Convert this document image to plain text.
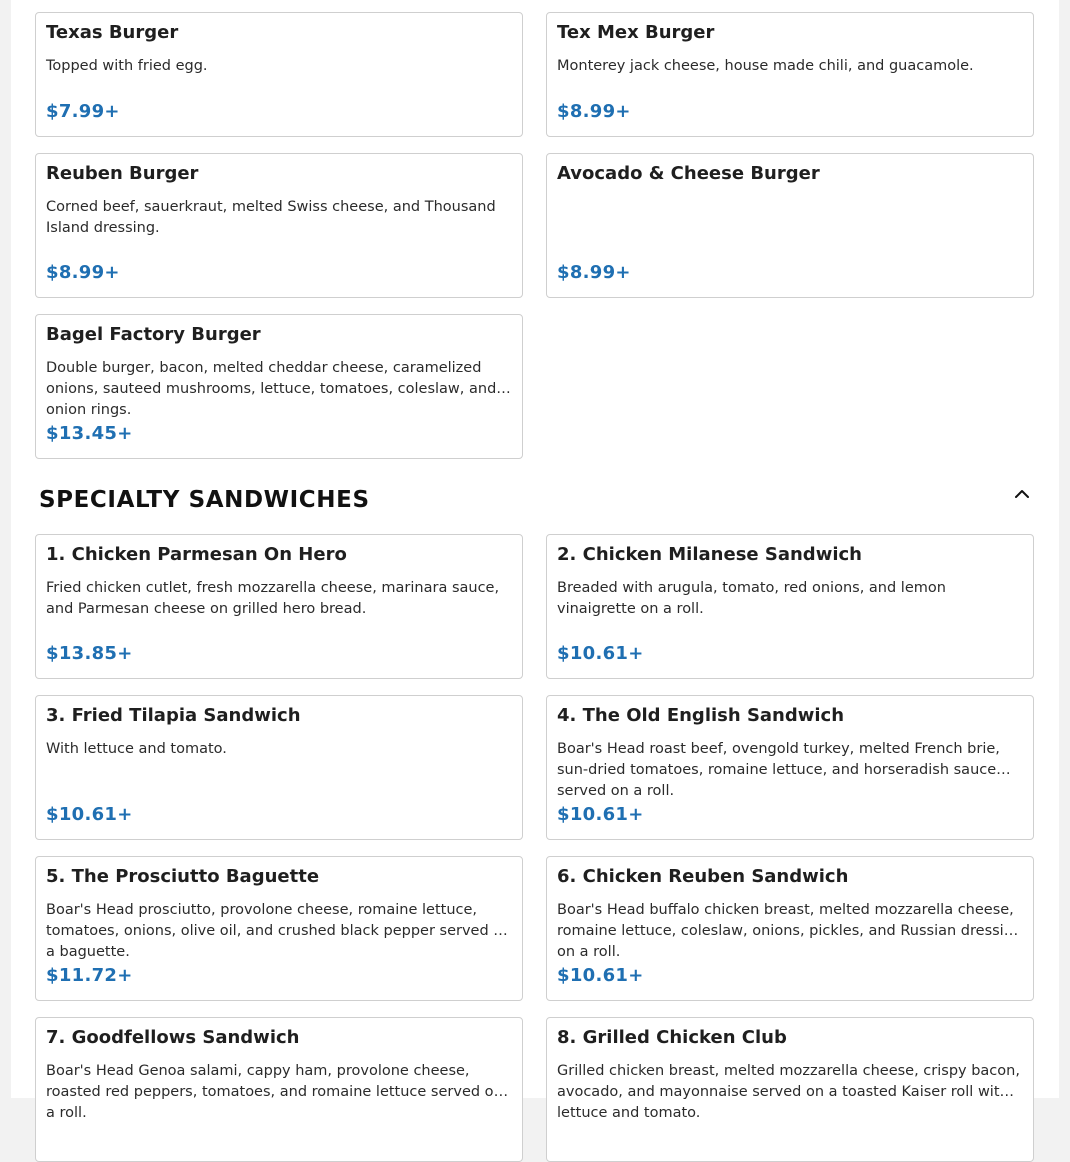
Texas Burger
Topped with fried egg.
$7.99+
Tex Mex Burger
Monterey jack cheese, house made chili, and guacamole.
$8.99+
Reuben Burger
Corned beef, sauerkraut, melted Swiss cheese, and Thousand Island dressing.
$8.99+
Avocado & Cheese Burger
$8.99+
Bagel Factory Burger
Double burger, bacon, melted cheddar cheese, caramelized onions, sauteed mushrooms, lettuce, tomatoes, coleslaw, and onion rings.
$13.45+
SPECIALTY SANDWICHES
1. Chicken Parmesan On Hero
Fried chicken cutlet, fresh mozzarella cheese, marinara sauce, and Parmesan cheese on grilled hero bread.
$13.85+
2. Chicken Milanese Sandwich
Breaded with arugula, tomato, red onions, and lemon vinaigrette on a roll.
$10.61+
3. Fried Tilapia Sandwich
With lettuce and tomato.
$10.61+
4. The Old English Sandwich
Boar's Head roast beef, ovengold turkey, melted French brie, sun-dried tomatoes, romaine lettuce, and horseradish sauce served on a roll.
$10.61+
5. The Prosciutto Baguette
Boar's Head prosciutto, provolone cheese, romaine lettuce, tomatoes, onions, olive oil, and crushed black pepper served on a baguette.
$11.72+
6. Chicken Reuben Sandwich
Boar's Head buffalo chicken breast, melted mozzarella cheese, romaine lettuce, coleslaw, onions, pickles, and Russian dressing on a roll.
$10.61+
7. Goodfellows Sandwich
Boar's Head Genoa salami, cappy ham, provolone cheese, roasted red peppers, tomatoes, and romaine lettuce served on a roll.
8. Grilled Chicken Club
Grilled chicken breast, melted mozzarella cheese, crispy bacon, avocado, and mayonnaise served on a toasted Kaiser roll with lettuce and tomato.
